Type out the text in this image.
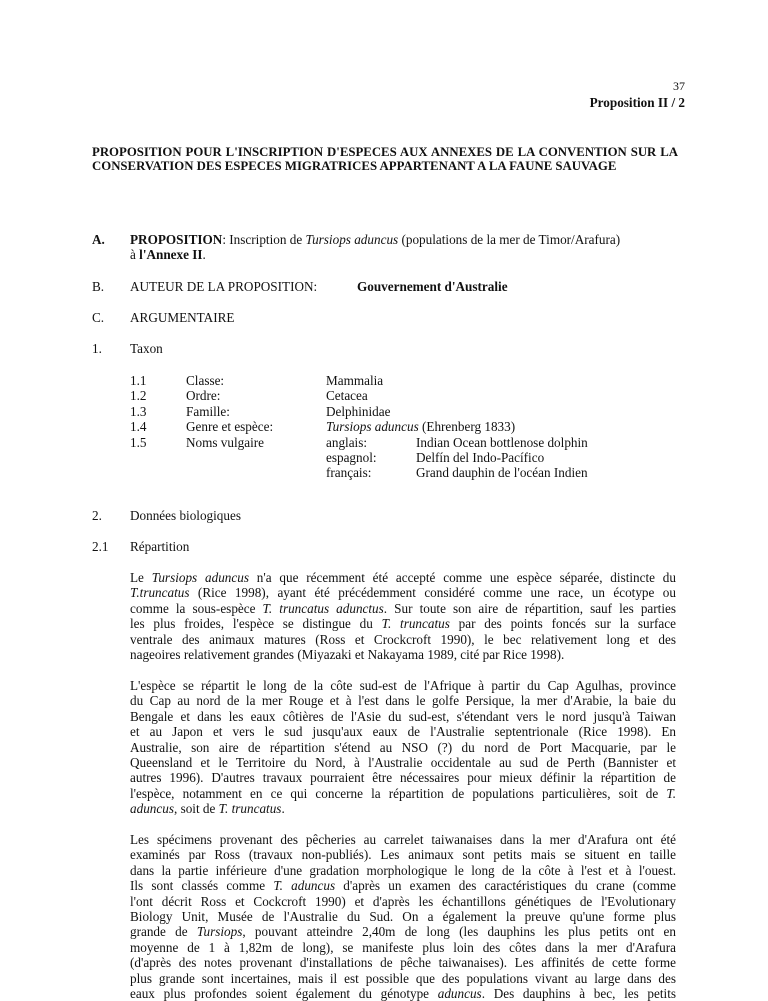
37
Proposition II / 2
PROPOSITION POUR L'INSCRIPTION D'ESPECES AUX ANNEXES DE LA CONVENTION SUR LA CONSERVATION DES ESPECES MIGRATRICES APPARTENANT A LA FAUNE SAUVAGE
A. PROPOSITION: Inscription de Tursiops aduncus (populations de la mer de Timor/Arafura)
à l'Annexe II.
B. AUTEUR DE LA PROPOSITION:	Gouvernement d'Australie
C. ARGUMENTAIRE
1. Taxon
1.1	Classe:	Mammalia
1.2	Ordre:	Cetacea
1.3	Famille:	Delphinidae
1.4	Genre et espèce:	Tursiops aduncus (Ehrenberg 1833)
1.5	Noms vulgaire	anglais:	Indian Ocean bottlenose dolphin
espagnol:	Delfín del Indo-Pacífico
français:	Grand dauphin de l'océan Indien
2. Données biologiques
2.1 Répartition
Le Tursiops aduncus n'a que récemment été accepté comme une espèce séparée, distincte du
T.truncatus (Rice 1998), ayant été précédemment considéré comme une race, un écotype ou
comme la sous-espèce T. truncatus adunctus. Sur toute son aire de répartition, sauf les parties
les plus froides, l'espèce se distingue du T. truncatus par des points foncés sur la surface
ventrale des animaux matures (Ross et Crockcroft 1990), le bec relativement long et des
nageoires relativement grandes (Miyazaki et Nakayama 1989, cité par Rice 1998).
L'espèce se répartit le long de la côte sud-est de l'Afrique à partir du Cap Agulhas, province
du Cap au nord de la mer Rouge et à l'est dans le golfe Persique, la mer d'Arabie, la baie du
Bengale et dans les eaux côtières de l'Asie du sud-est, s'étendant vers le nord jusqu'à Taiwan
et au Japon et vers le sud jusqu'aux eaux de l'Australie septentrionale (Rice 1998). En
Australie, son aire de répartition s'étend au NSO (?) du nord de Port Macquarie, par le
Queensland et le Territoire du Nord, à l'Australie occidentale au sud de Perth (Bannister et
autres 1996). D'autres travaux pourraient être nécessaires pour mieux définir la répartition de
l'espèce, notamment en ce qui concerne la répartition de populations particulières, soit de T.
aduncus, soit de T. truncatus.
Les spécimens provenant des pêcheries au carrelet taiwanaises dans la mer d'Arafura ont été
examinés par Ross (travaux non-publiés). Les animaux sont petits mais se situent en taille
dans la partie inférieure d'une gradation morphologique le long de la côte à l'est et à l'ouest.
Ils sont classés comme T. aduncus d'après un examen des caractéristiques du crane (comme
l'ont décrit Ross et Cockcroft 1990) et d'après les échantillons génétiques de l'Evolutionary
Biology Unit, Musée de l'Australie du Sud. On a également la preuve qu'une forme plus
grande de Tursiops, pouvant atteindre 2,40m de long (les dauphins les plus petits ont en
moyenne de 1 à 1,82m de long), se manifeste plus loin des côtes dans la mer d'Arafura
(d'après des notes provenant d'installations de pêche taiwanaises). Les affinités de cette forme
plus grande sont incertaines, mais il est possible que des populations vivant au large dans des
eaux plus profondes soient également du génotype aduncus. Des dauphins à bec, les petits
